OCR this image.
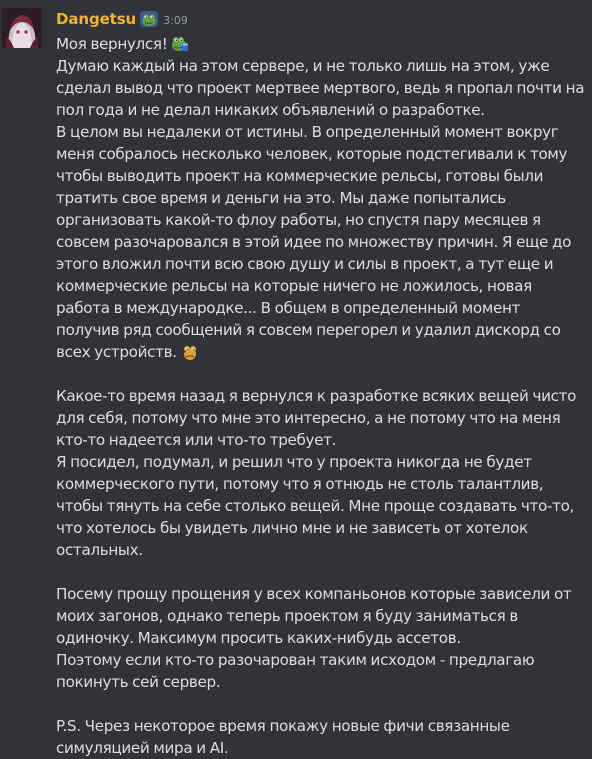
Dangetsu 3:09

Моя вернулся!

Думаю каждый на этом сервере, и не только лишь на этом, уже сделал вывод что проект мертвее мертвого, ведь я пропал почти на пол года и не делал никаких объявлений о разработке.

В целом вы недалеки от истины. В определенный момент вокруг меня собралось несколько человек, которые подстегивали к тому чтобы выводить проект на коммерческие рельсы, готовы были тратить свое время и деньги на это. Мы даже попытались организовать какой-то флоу работы, но спустя пару месяцев я совсем разочаровался в этой идее по множеству причин. Я еще до этого вложил почти всю свою душу и силы в проект, а тут еще и коммерческие рельсы на которые ничего не ложилось, новая работа в международке... В общем в определенный момент получив ряд сообщений я совсем перегорел и удалил дискорд со всех устройств.

Какое-то время назад я вернулся к разработке всяких вещей чисто для себя, потому что мне это интересно, а не потому что на меня кто-то надеется или что-то требует.

Я посидел, подумал, и решил что у проекта никогда не будет коммерческого пути, потому что я отнюдь не столь талантлив, чтобы тянуть на себе столько вещей. Мне проще создавать что-то, что хотелось бы увидеть лично мне и не зависеть от хотелок остальных.

Посему прощу прощения у всех компаньонов которые зависели от моих загонов, однако теперь проектом я буду заниматься в одиночку. Максимум просить каких-нибудь ассетов.

Поэтому если кто-то разочарован таким исходом - предлагаю покинуть сей сервер.

P.S. Через некоторое время покажу новые фичи связанные симуляцией мира и AI.
